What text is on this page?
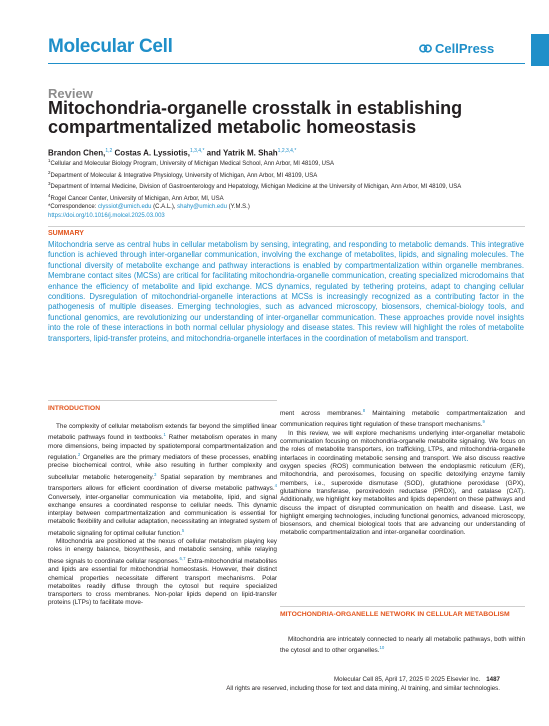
Molecular Cell	CellPress
Review
Mitochondria-organelle crosstalk in establishing compartmentalized metabolic homeostasis
Brandon Chen,$^{1,2}$ Costas A. Lyssiotis,$^{1,3,4,*}$ and Yatrik M. Shah$^{1,2,3,4,*}$
$^1$Cellular and Molecular Biology Program, University of Michigan Medical School, Ann Arbor, MI 48109, USA
$^2$Department of Molecular & Integrative Physiology, University of Michigan, Ann Arbor, MI 48109, USA
$^3$Department of Internal Medicine, Division of Gastroenterology and Hepatology, Michigan Medicine at the University of Michigan, Ann Arbor, MI 48109, USA
$^4$Rogel Cancer Center, University of Michigan, Ann Arbor, MI, USA
*Correspondence: clyssiot@umich.edu (C.A.L.), shahy@umich.edu (Y.M.S.)
https://doi.org/10.1016/j.molcel.2025.03.003
SUMMARY
Mitochondria serve as central hubs in cellular metabolism by sensing, integrating, and responding to metabolic demands. This integrative function is achieved through inter-organellar communication, involving the exchange of metabolites, lipids, and signaling molecules. The functional diversity of metabolite exchange and pathway interactions is enabled by compartmentalization within organelle membranes. Membrane contact sites (MCSs) are critical for facilitating mitochondria-organelle communication, creating specialized microdomains that enhance the efficiency of metabolite and lipid exchange. MCS dynamics, regulated by tethering proteins, adapt to changing cellular conditions. Dysregulation of mitochondrial-organelle interactions at MCSs is increasingly recognized as a contributing factor in the pathogenesis of multiple diseases. Emerging technologies, such as advanced microscopy, biosensors, chemical-biology tools, and functional genomics, are revolutionizing our understanding of inter-organellar communication. These approaches provide novel insights into the role of these interactions in both normal cellular physiology and disease states. This review will highlight the roles of metabolite transporters, lipid-transfer proteins, and mitochondria-organelle interfaces in the coordination of metabolism and transport.
INTRODUCTION

The complexity of cellular metabolism extends far beyond the simplified linear metabolic pathways found in textbooks.$^1$ Rather metabolism operates in many more dimensions, being impacted by spatiotemporal compartmentalization and regulation.$^2$ Organelles are the primary mediators of these processes, enabling precise biochemical control, while also resulting in further complexity and subcellular metabolic heterogeneity.$^3$ Spatial separation by membranes and transporters allows for efficient coordination of diverse metabolic pathways.$^4$ Conversely, inter-organellar communication via metabolite, lipid, and signal exchange ensures a coordinated response to cellular needs. This dynamic interplay between compartmentalization and communication is essential for metabolic flexibility and cellular adaptation, necessitating an integrated system of metabolic signaling for optimal cellular function.$^5$

Mitochondria are positioned at the nexus of cellular metabolism playing key roles in energy balance, biosynthesis, and metabolic sensing, while relaying these signals to coordinate cellular responses.$^{6,7}$ Extra-mitochondrial metabolites and lipids are essential for mitochondrial homeostasis. However, their distinct chemical properties necessitate different transport mechanisms. Polar metabolites readily diffuse through the cytosol but require specialized transporters to cross membranes. Non-polar lipids depend on lipid-transfer proteins (LTPs) to facilitate move-

ment across membranes.$^8$ Maintaining metabolic compartmentalization and communication requires tight regulation of these transport mechanisms.$^9$

In this review, we will explore mechanisms underlying inter-organellar metabolic communication focusing on mitochondria-organelle metabolite signaling. We focus on the roles of metabolite transporters, ion trafficking, LTPs, and mitochondria-organelle interfaces in coordinating metabolic sensing and transport. We also discuss reactive oxygen species (ROS) communication between the endoplasmic reticulum (ER), mitochondria, and peroxisomes, focusing on specific detoxifying enzyme family members, i.e., superoxide dismutase (SOD), glutathione peroxidase (GPX), glutathione transferase, peroxiredoxin reductase (PRDX), and catalase (CAT). Additionally, we highlight key metabolites and lipids dependent on these pathways and discuss the impact of disrupted communication on health and disease. Last, we highlight emerging technologies, including functional genomics, advanced microscopy, biosensors, and chemical biological tools that are advancing our understanding of metabolic compartmentalization and inter-organellar coordination.

MITOCHONDRIA-ORGANELLE NETWORK IN CELLULAR METABOLISM

Mitochondria are intricately connected to nearly all metabolic pathways, both within the cytosol and to other organelles.$^{10}$

Molecular Cell 85, April 17, 2025 © 2025 Elsevier Inc. 1487
All rights are reserved, including those for text and data mining, AI training, and similar technologies.
